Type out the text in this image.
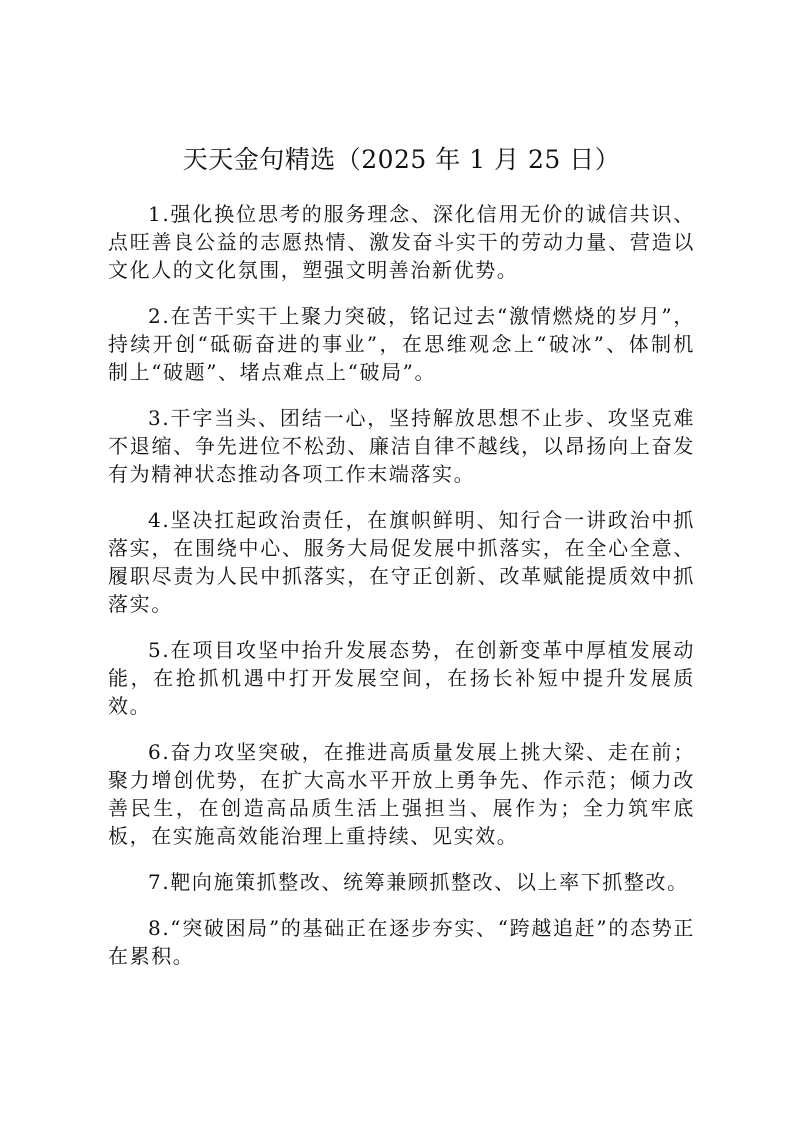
天天金句精选（2025 年 1 月 25 日）

1.强化换位思考的服务理念、深化信用无价的诚信共识、点旺善良公益的志愿热情、激发奋斗实干的劳动力量、营造以文化人的文化氛围，塑强文明善治新优势。

2.在苦干实干上聚力突破，铭记过去“激情燃烧的岁月”，持续开创“砥砺奋进的事业”，在思维观念上“破冰”、体制机制上“破题”、堵点难点上“破局”。

3.干字当头、团结一心，坚持解放思想不止步、攻坚克难不退缩、争先进位不松劲、廉洁自律不越线，以昂扬向上奋发有为精神状态推动各项工作末端落实。

4.坚决扛起政治责任，在旗帜鲜明、知行合一讲政治中抓落实，在围绕中心、服务大局促发展中抓落实，在全心全意、履职尽责为人民中抓落实，在守正创新、改革赋能提质效中抓落实。

5.在项目攻坚中抬升发展态势，在创新变革中厚植发展动能，在抢抓机遇中打开发展空间，在扬长补短中提升发展质效。

6.奋力攻坚突破，在推进高质量发展上挑大梁、走在前；聚力增创优势，在扩大高水平开放上勇争先、作示范；倾力改善民生，在创造高品质生活上强担当、展作为；全力筑牢底板，在实施高效能治理上重持续、见实效。

7.靶向施策抓整改、统筹兼顾抓整改、以上率下抓整改。

8.“突破困局”的基础正在逐步夯实、“跨越追赶”的态势正在累积。
